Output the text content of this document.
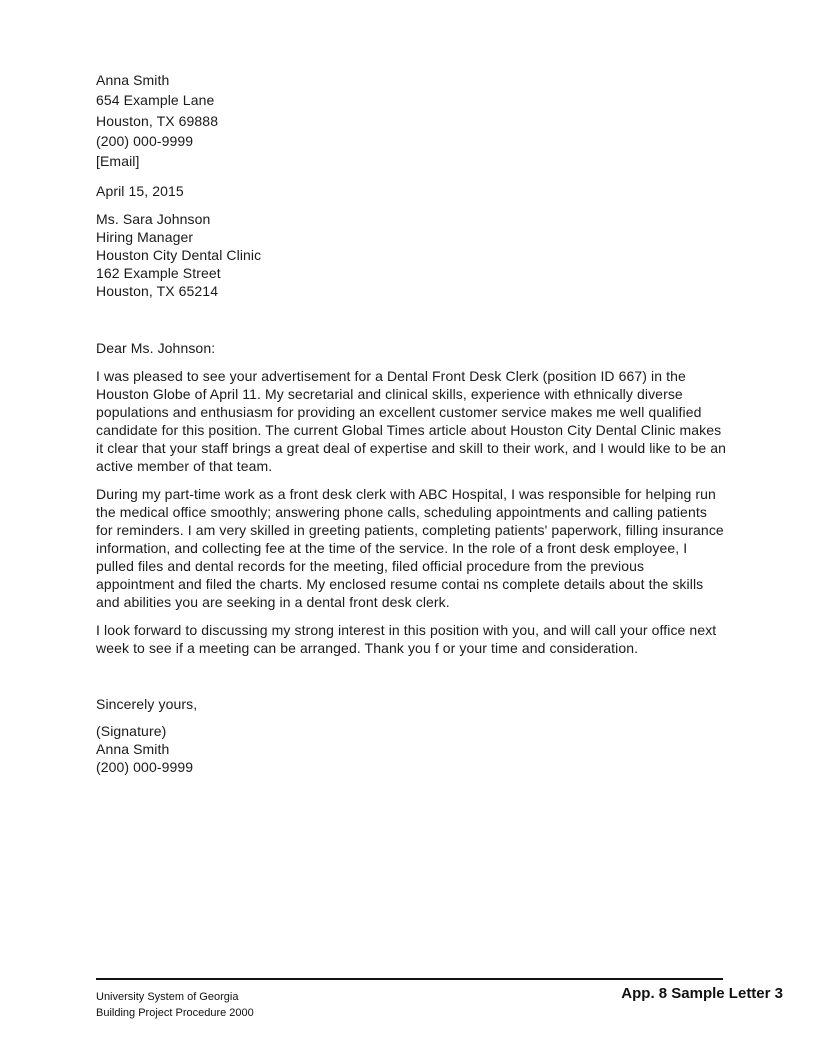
Anna Smith
654 Example Lane
Houston, TX 69888
(200) 000-9999
[Email]
April 15, 2015
Ms. Sara Johnson
Hiring Manager
Houston City Dental Clinic
162 Example Street
Houston, TX 65214
Dear Ms. Johnson:

I was pleased to see your advertisement for a Dental Front Desk Clerk (position ID 667) in the Houston Globe of April 11. My secretarial and clinical skills, experience with ethnically diverse populations and enthusiasm for providing an excellent customer service makes me well qualified candidate for this position. The current Global Times article about Houston City Dental Clinic makes it clear that your staff brings a great deal of expertise and skill to their work, and I would like to be an active member of that team.

During my part-time work as a front desk clerk with ABC Hospital, I was responsible for helping run the medical office smoothly; answering phone calls, scheduling appointments and calling patients for reminders. I am very skilled in greeting patients, completing patients' paperwork, filling insurance information, and collecting fee at the time of the service. In the role of a front desk employee, I pulled files and dental records for the meeting, filed official procedure from the previous appointment and filed the charts. My enclosed resume contai ns complete details about the skills and abilities you are seeking in a dental front desk clerk.

I look forward to discussing my strong interest in this position with you, and will call your office next week to see if a meeting can be arranged. Thank you f or your time and consideration.

Sincerely yours,
(Signature)
Anna Smith
(200) 000-9999
University System of Georgia
Building Project Procedure 2000
App. 8 Sample Letter 3
